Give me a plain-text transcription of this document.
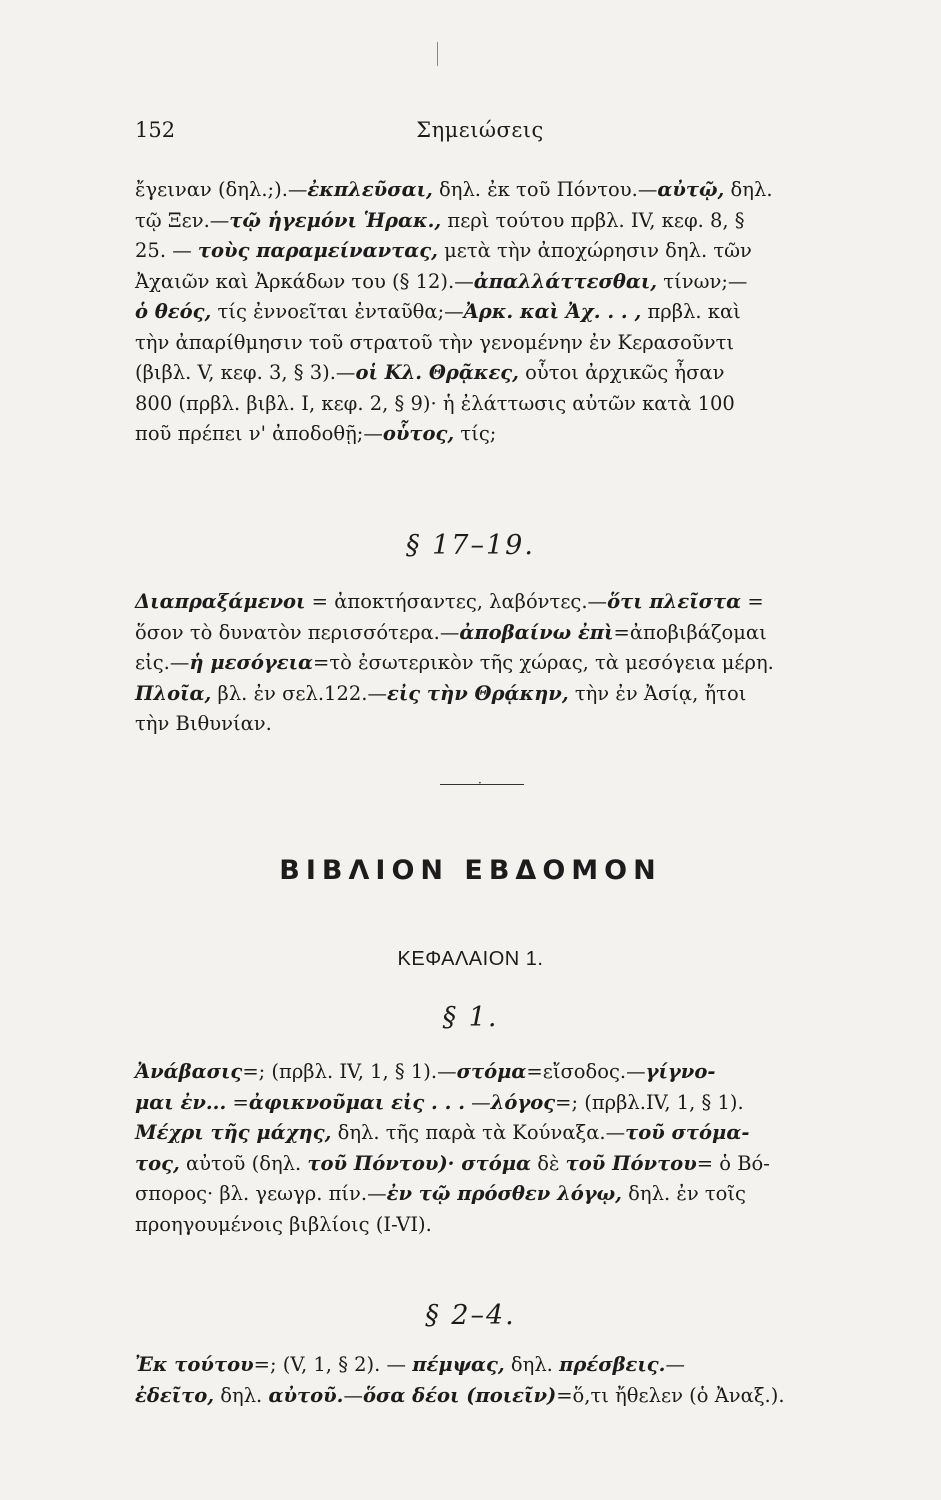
152	Σημειώσεις
ἔγειναν (δηλ.;).—ἐκπλεῦσαι, δηλ. ἐκ τοῦ Πόντου.—αὐτῷ, δηλ.
τῷ Ξεν.—τῷ ἡγεμόνι Ἡρακ., περὶ τούτου πρβλ. IV, κεφ. 8, §
25. — τοὺς παραμείναντας, μετὰ τὴν ἀποχώρησιν δηλ. τῶν
Ἀχαιῶν καὶ Ἀρκάδων του (§ 12).—ἀπαλλάττεσθαι, τίνων;—
ὁ θεός, τίς ἐννοεῖται ἐνταῦθα;—Ἀρκ. καὶ Ἀχ. . . , πρβλ. καὶ
τὴν ἀπαρίθμησιν τοῦ στρατοῦ τὴν γενομένην ἐν Κερασοῦντι
(βιβλ. V, κεφ. 3, § 3).—οἱ Κλ. Θρᾷκες, οὗτοι ἀρχικῶς ἦσαν
800 (πρβλ. βιβλ. I, κεφ. 2, § 9)· ἡ ἐλάττωσις αὐτῶν κατὰ 100
ποῦ πρέπει ν' ἀποδοθῇ;—οὗτος, τίς;
§ 17–19.
Διαπραξάμενοι = ἀποκτήσαντες, λαβόντες.—ὅτι πλεῖστα =
ὅσον τὸ δυνατὸν περισσότερα.—ἀποβαίνω ἐπὶ=ἀποβιβάζομαι
εἰς.—ἡ μεσόγεια=τὸ ἐσωτερικὸν τῆς χώρας, τὰ μεσόγεια μέρη.
Πλοῖα, βλ. ἐν σελ.122.—εἰς τὴν Θρᾴκην, τὴν ἐν Ἀσίᾳ, ἤτοι
τὴν Βιθυνίαν.
·
ΒΙΒΛΙΟΝ ΕΒΔΟΜΟΝ
ΚΕΦΑΛΑΙΟΝ 1.
§ 1.
Ἀνάβασις=; (πρβλ. IV, 1, § 1).—στόμα=εἴσοδος.—γίγνο-
μαι ἐν... =ἀφικνοῦμαι εἰς . . . —λόγος=; (πρβλ.IV, 1, § 1).
Μέχρι τῆς μάχης, δηλ. τῆς παρὰ τὰ Κούναξα.—τοῦ στόμα-
τος, αὐτοῦ (δηλ. τοῦ Πόντου)· στόμα δὲ τοῦ Πόντου= ὁ Βό-
σπορος· βλ. γεωγρ. πίν.—ἐν τῷ πρόσθεν λόγῳ, δηλ. ἐν τοῖς
προηγουμένοις βιβλίοις (I-VI).
§ 2–4.
Ἐκ τούτου=; (V, 1, § 2). — πέμψας, δηλ. πρέσβεις.—
ἐδεῖτο, δηλ. αὐτοῦ.—ὅσα δέοι (ποιεῖν)=ὅ,τι ἤθελεν (ὁ Ἀναξ.).
